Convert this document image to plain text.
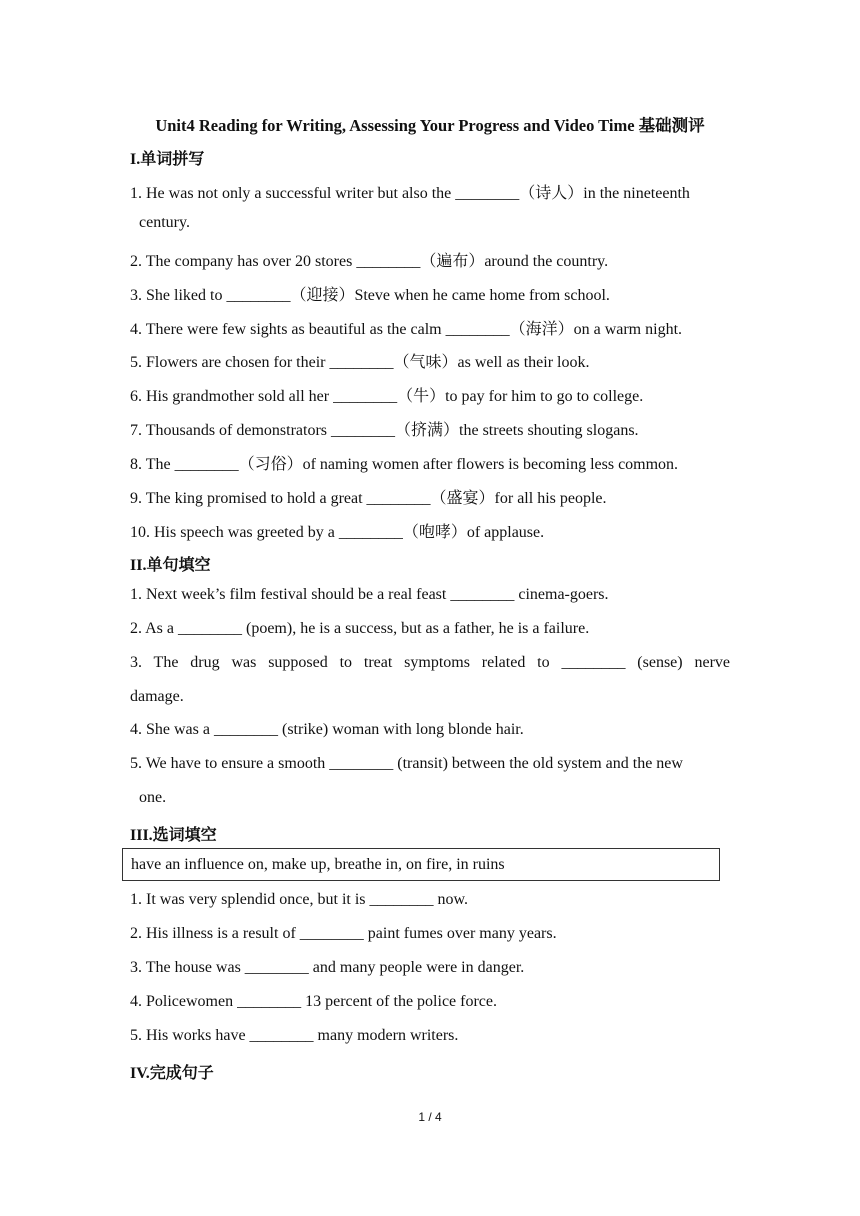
Unit4 Reading for Writing, Assessing Your Progress and Video Time 基础测评
I.单词拼写
1. He was not only a successful writer but also the ________（诗人）in the nineteenth
century.
2. The company has over 20 stores ________（遍布）around the country.
3. She liked to ________（迎接）Steve when he came home from school.
4. There were few sights as beautiful as the calm ________（海洋）on a warm night.
5. Flowers are chosen for their ________（气味）as well as their look.
6. His grandmother sold all her ________（牛）to pay for him to go to college.
7. Thousands of demonstrators ________（挤满）the streets shouting slogans.
8. The ________（习俗）of naming women after flowers is becoming less common.
9. The king promised to hold a great ________（盛宴）for all his people.
10. His speech was greeted by a ________（咆哮）of applause.
II.单句填空
1. Next week’s film festival should be a real feast ________ cinema-goers.
2. As a ________ (poem), he is a success, but as a father, he is a failure.
3. The drug was supposed to treat symptoms related to ________ (sense) nerve
damage.
4. She was a ________ (strike) woman with long blonde hair.
5. We have to ensure a smooth ________ (transit) between the old system and the new
one.
III.选词填空
have an influence on, make up, breathe in, on fire, in ruins
1. It was very splendid once, but it is ________ now.
2. His illness is a result of ________ paint fumes over many years.
3. The house was ________ and many people were in danger.
4. Policewomen ________ 13 percent of the police force.
5. His works have ________ many modern writers.
IV.完成句子
1 / 4
